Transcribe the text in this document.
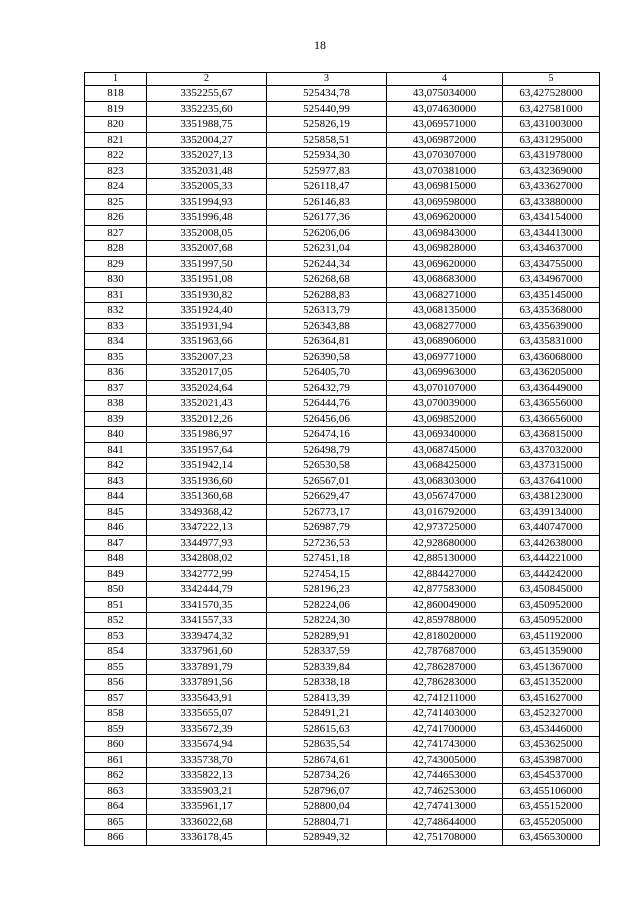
18
1	2	3	4	5
818	3352255,67	525434,78	43,075034000	63,427528000
819	3352235,60	525440,99	43,074630000	63,427581000
820	3351988,75	525826,19	43,069571000	63,431003000
821	3352004,27	525858,51	43,069872000	63,431295000
822	3352027,13	525934,30	43,070307000	63,431978000
823	3352031,48	525977,83	43,070381000	63,432369000
824	3352005,33	526118,47	43,069815000	63,433627000
825	3351994,93	526146,83	43,069598000	63,433880000
826	3351996,48	526177,36	43,069620000	63,434154000
827	3352008,05	526206,06	43,069843000	63,434413000
828	3352007,68	526231,04	43,069828000	63,434637000
829	3351997,50	526244,34	43,069620000	63,434755000
830	3351951,08	526268,68	43,068683000	63,434967000
831	3351930,82	526288,83	43,068271000	63,435145000
832	3351924,40	526313,79	43,068135000	63,435368000
833	3351931,94	526343,88	43,068277000	63,435639000
834	3351963,66	526364,81	43,068906000	63,435831000
835	3352007,23	526390,58	43,069771000	63,436068000
836	3352017,05	526405,70	43,069963000	63,436205000
837	3352024,64	526432,79	43,070107000	63,436449000
838	3352021,43	526444,76	43,070039000	63,436556000
839	3352012,26	526456,06	43,069852000	63,436656000
840	3351986,97	526474,16	43,069340000	63,436815000
841	3351957,64	526498,79	43,068745000	63,437032000
842	3351942,14	526530,58	43,068425000	63,437315000
843	3351936,60	526567,01	43,068303000	63,437641000
844	3351360,68	526629,47	43,056747000	63,438123000
845	3349368,42	526773,17	43,016792000	63,439134000
846	3347222,13	526987,79	42,973725000	63,440747000
847	3344977,93	527236,53	42,928680000	63,442638000
848	3342808,02	527451,18	42,885130000	63,444221000
849	3342772,99	527454,15	42,884427000	63,444242000
850	3342444,79	528196,23	42,877583000	63,450845000
851	3341570,35	528224,06	42,860049000	63,450952000
852	3341557,33	528224,30	42,859788000	63,450952000
853	3339474,32	528289,91	42,818020000	63,451192000
854	3337961,60	528337,59	42,787687000	63,451359000
855	3337891,79	528339,84	42,786287000	63,451367000
856	3337891,56	528338,18	42,786283000	63,451352000
857	3335643,91	528413,39	42,741211000	63,451627000
858	3335655,07	528491,21	42,741403000	63,452327000
859	3335672,39	528615,63	42,741700000	63,453446000
860	3335674,94	528635,54	42,741743000	63,453625000
861	3335738,70	528674,61	42,743005000	63,453987000
862	3335822,13	528734,26	42,744653000	63,454537000
863	3335903,21	528796,07	42,746253000	63,455106000
864	3335961,17	528800,04	42,747413000	63,455152000
865	3336022,68	528804,71	42,748644000	63,455205000
866	3336178,45	528949,32	42,751708000	63,456530000
